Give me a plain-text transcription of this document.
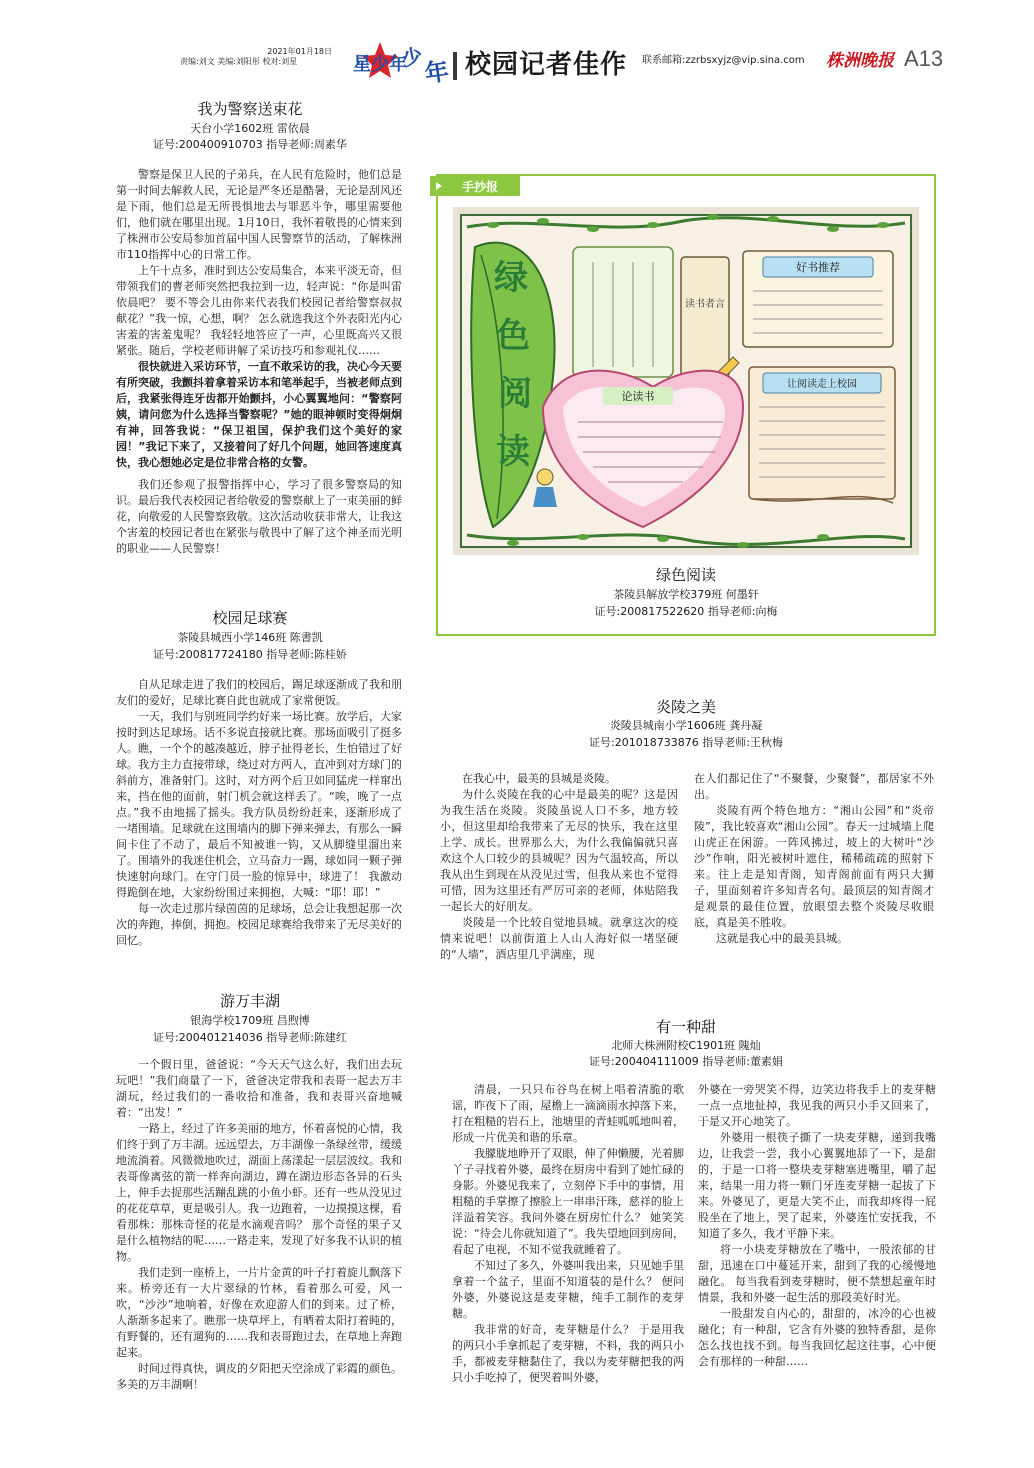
2021年01月18日
责编:刘文 美编:刘阳彤 校对:刘星	星少年
少
年 校园记者佳作 联系邮箱:zzrbsxyjz@vip.sina.com 株洲晚报 A13
我为警察送束花
天台小学1602班 雷依晨
证号:200400910703 指导老师:周素华

警察是保卫人民的子弟兵，在人民有危险时，他们总是第一时间去解救人民，无论是严冬还是酷暑，无论是刮风还是下雨，他们总是无所畏惧地去与罪恶斗争，哪里需要他们，他们就在哪里出现。1月10日，我怀着敬畏的心情来到了株洲市公安局参加首届中国人民警察节的活动，了解株洲市110指挥中心的日常工作。

上午十点多，准时到达公安局集合，本来平淡无奇，但带领我们的曹老师突然把我拉到一边，轻声说：“你是叫雷依晨吧？ 要不等会儿由你来代表我们校园记者给警察叔叔献花？”我一惊，心想，啊？ 怎么就选我这个外表阳光内心害羞的害羞鬼呢？ 我轻轻地答应了一声，心里既高兴又很紧张。随后，学校老师讲解了采访技巧和参观礼仪……

很快就进入采访环节，一直不敢采访的我，决心今天要有所突破，我颤抖着拿着采访本和笔举起手，当被老师点到后，我紧张得连牙齿都开始颤抖，小心翼翼地问：“警察阿姨，请问您为什么选择当警察呢？”她的眼神顿时变得炯炯有神，回答我说：“保卫祖国，保护我们这个美好的家园！”我记下来了，又接着问了好几个问题，她回答速度真快，我心想她必定是位非常合格的女警。

我们还参观了报警指挥中心，学习了很多警察局的知识。最后我代表校园记者给敬爱的警察献上了一束美丽的鲜花，向敬爱的人民警察致敬。这次活动收获非常大，让我这个害羞的校园记者也在紧张与敬畏中了解了这个神圣而光明的职业——人民警察！

校园足球赛
茶陵县城西小学146班 陈書凯
证号:200817724180 指导老师:陈桂娇

自从足球走进了我们的校园后，踢足球逐渐成了我和朋友们的爱好，足球比赛自此也就成了家常便饭。

一天，我们与别班同学约好来一场比赛。放学后，大家按时到达足球场。话不多说直接就比赛。那场面吸引了挺多人。瞧，一个个的越凑越近，脖子扯得老长，生怕错过了好球。我方主力直接带球，绕过对方两人，直冲到对方球门的斜前方，准备射门。这时，对方两个后卫如同猛虎一样窜出来，挡在他的面前，射门机会就这样丢了。“唉，晚了一点点。”我不由地摇了摇头。我方队员纷纷赶来，逐渐形成了一堵围墙。足球就在这围墙内的脚下弹来弹去，有那么一瞬间卡住了不动了，最后不知被谁一钩，又从脚缝里溜出来了。围墙外的我迷住机会，立马奋力一踢，球如同一颗子弹快速射向球门。在守门员一脸的惊异中，球进了！ 我激动得跪倒在地，大家纷纷围过来拥抱，大喊：“耶！耶！”

每一次走过那片绿茵茵的足球场，总会让我想起那一次次的奔跑，捧倒，拥抱。校园足球赛给我带来了无尽美好的回忆。

游万丰湖
银海学校1709班 昌煦博
证号:200401214036 指导老师:陈建红

一个假日里，爸爸说：“今天天气这么好，我们出去玩玩吧！”我们商量了一下，爸爸决定带我和表哥一起去万丰湖玩，经过我们的一番收拾和准备，我和表哥兴奋地喊着：“出发！”

一路上，经过了许多美丽的地方，怀着喜悦的心情，我们终于到了万丰湖。远远望去，万丰湖像一条绿丝带，缓缓地流淌着。风微微地吹过，湖面上荡漾起一层层波纹。我和表哥像离弦的箭一样奔向湖边，蹲在湖边形态各异的石头上，伸手去捉那些活蹦乱跳的小鱼小虾。还有一些从没见过的花花草草，更是吸引人。我一边跑着，一边摸摸这棵，看看那株：那株奇怪的花是水滴观音吗？ 那个奇怪的果子又是什么植物结的呢……一路走来，发现了好多我不认识的植物。

我们走到一座桥上，一片片金黄的叶子打着旋儿飘落下来。桥旁还有一大片翠绿的竹林，看着那么可爱，风一吹，“沙沙”地响着，好像在欢迎游人们的到来。过了桥，人渐渐多起来了。瞧那一块草坪上，有晒着太阳打着盹的，有野餐的，还有遛狗的……我和表哥跑过去，在草地上奔跑起来。

时间过得真快，调皮的夕阳把天空涂成了彩霞的颜色。多美的万丰湖啊！

手抄报
绿
色
阅
读
读书者言
好书推荐
论读书
让阅读走上校园
绿色阅读
茶陵县解放学校379班 何墨轩
证号:200817522620 指导老师:向梅
炎陵之美
炎陵县城南小学1606班 龚丹凝
证号:201018733876 指导老师:王秋梅

在我心中，最美的县城是炎陵。

为什么炎陵在我的心中是最美的呢？这是因为我生活在炎陵。炎陵虽说人口不多，地方较小，但这里却给我带来了无尽的快乐，我在这里上学、成长。世界那么大，为什么我偏偏就只喜欢这个人口较少的县城呢？因为气温较高，所以我从出生到现在从没见过雪，但我从来也不觉得可惜，因为这里还有严厉可亲的老师，体贴陪我一起长大的好朋友。

炎陵是一个比较自觉地县城。就拿这次的疫情来说吧！以前街道上人山人海好似一堵坚硬的“人墙”，酒店里几乎满座，现

在人们都记住了“不聚餐，少聚餐”，都居家不外出。

炎陵有两个特色地方：“湘山公园”和“炎帝陵”，我比较喜欢“湘山公园”。春天一过城墙上爬山虎正在闲游。一阵风拂过，坡上的大树叶“沙沙”作响，阳光被树叶遮住，稀稀疏疏的照射下来。往上走是知青阁，知青阁前面有两只大狮子，里面刻着许多知青名句。最顶层的知青阁才是观景的最佳位置，放眼望去整个炎陵尽收眼底，真是美不胜收。

这就是我心中的最美县城。

有一种甜
北师大株洲附校C1901班 隗灿
证号:200404111009 指导老师:董素娟

清晨，一只只布谷鸟在树上唱着清脆的歌谣，昨夜下了雨，屋檐上一滴滴雨水掉落下来，打在粗糙的岩石上，池塘里的青蛙呱呱地叫着，形成一片优美和谐的乐章。

我朦胧地睁开了双眼，伸了伸懒腰，光着脚丫子寻找着外婆，最终在厨房中看到了她忙碌的身影。外婆见我来了，立刻停下手中的事情，用粗糙的手掌擦了擦脸上一串串汗珠，慈祥的脸上洋溢着笑容。我问外婆在厨房忙什么？ 她笑笑说：“待会儿你就知道了”。我失望地回到房间，看起了电视，不知不觉我就睡着了。

不知过了多久，外婆叫我出来，只见她手里拿着一个盆子，里面不知道装的是什么？ 便问外婆，外婆说这是麦芽糖，纯手工制作的麦芽糖。

我非常的好奇，麦芽糖是什么？ 于是用我的两只小手拿抓起了麦芽糖，不料，我的两只小手，都被麦芽糖黏住了，我以为麦芽糖把我的两只小手吃掉了，便哭着叫外婆，

外婆在一旁哭笑不得，边笑边将我手上的麦芽糖一点一点地扯掉，我见我的两只小手又回来了，于是又开心地笑了。

外婆用一根筷子撕了一块麦芽糖，递到我嘴边，让我尝一尝，我小心翼翼地舔了一下，是甜的，于是一口将一整块麦芽糖塞进嘴里，嚼了起来，结果一用力将一颗门牙连麦芽糖一起拔了下来。外婆见了，更是大笑不止，而我却疼得一屁股坐在了地上，哭了起来，外婆连忙安抚我，不知道了多久，我才平静下来。

将一小块麦芽糖放在了嘴中，一股浓郁的甘甜，迅速在口中蔓延开来，甜到了我的心缓慢地融化。 每当我看到麦芽糖时，便不禁想起童年时情景，我和外婆一起生活的那段美好时光。

一股甜发自内心的，甜甜的，冰冷的心也被融化；有一种甜，它含有外婆的独特香甜，是你怎么找也找不到。每当我回忆起这往事，心中便会有那样的一种甜……
